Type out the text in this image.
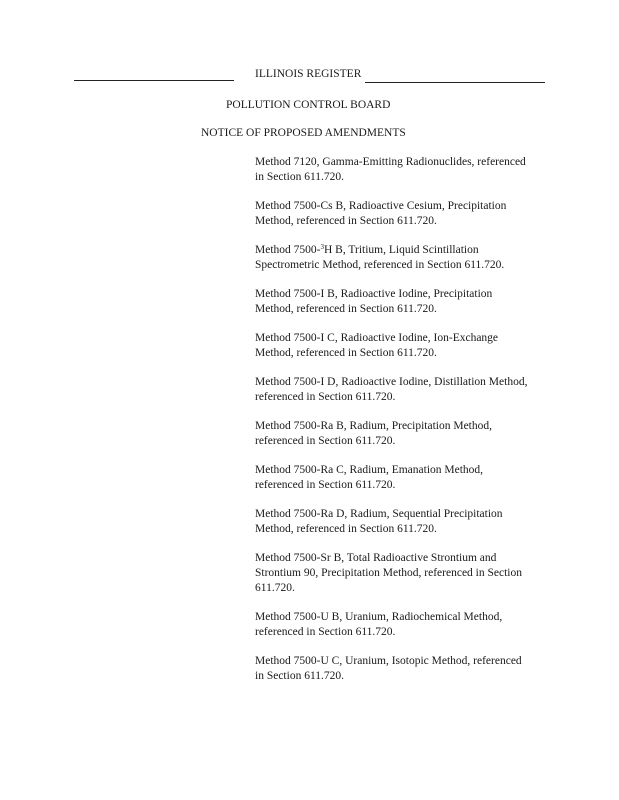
ILLINOIS REGISTER
POLLUTION CONTROL BOARD
NOTICE OF PROPOSED AMENDMENTS

Method 7120, Gamma-Emitting Radionuclides, referenced
in Section 611.720.

Method 7500-Cs B, Radioactive Cesium, Precipitation
Method, referenced in Section 611.720.

Method 7500-$^3$H B, Tritium, Liquid Scintillation
Spectrometric Method, referenced in Section 611.720.

Method 7500-I B, Radioactive Iodine, Precipitation
Method, referenced in Section 611.720.

Method 7500-I C, Radioactive Iodine, Ion-Exchange
Method, referenced in Section 611.720.

Method 7500-I D, Radioactive Iodine, Distillation Method,
referenced in Section 611.720.

Method 7500-Ra B, Radium, Precipitation Method,
referenced in Section 611.720.

Method 7500-Ra C, Radium, Emanation Method,
referenced in Section 611.720.

Method 7500-Ra D, Radium, Sequential Precipitation
Method, referenced in Section 611.720.

Method 7500-Sr B, Total Radioactive Strontium and
Strontium 90, Precipitation Method, referenced in Section
611.720.

Method 7500-U B, Uranium, Radiochemical Method,
referenced in Section 611.720.

Method 7500-U C, Uranium, Isotopic Method, referenced
in Section 611.720.
